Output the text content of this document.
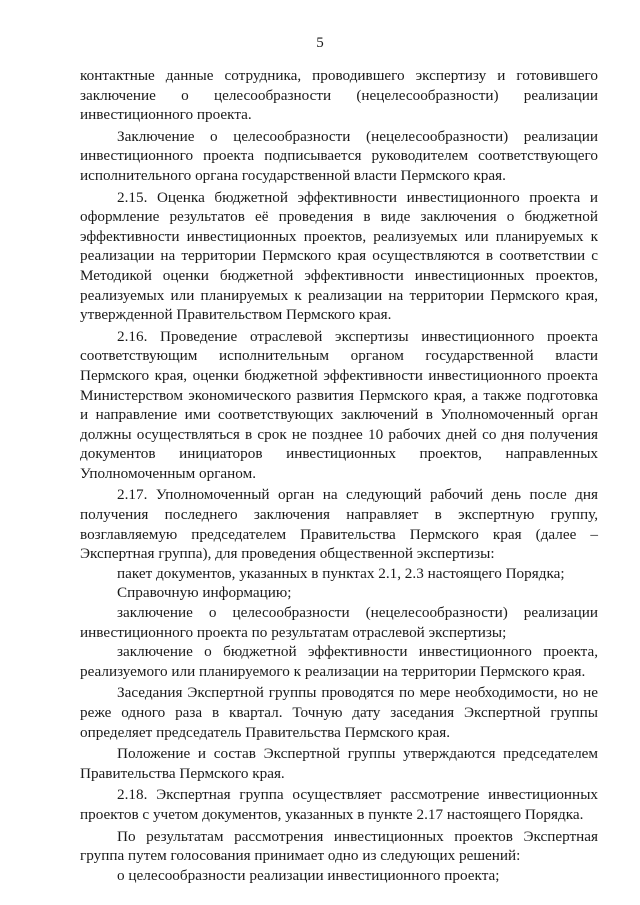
5

контактные данные сотрудника, проводившего экспертизу и готовившего заключение о целесообразности (нецелесообразности) реализации инвестиционного проекта.

Заключение о целесообразности (нецелесообразности) реализации инвестиционного проекта подписывается руководителем соответствующего исполнительного органа государственной власти Пермского края.

2.15. Оценка бюджетной эффективности инвестиционного проекта и оформление результатов её проведения в виде заключения о бюджетной эффективности инвестиционных проектов, реализуемых или планируемых к реализации на территории Пермского края осуществляются в соответствии с Методикой оценки бюджетной эффективности инвестиционных проектов, реализуемых или планируемых к реализации на территории Пермского края, утвержденной Правительством Пермского края.

2.16. Проведение отраслевой экспертизы инвестиционного проекта соответствующим исполнительным органом государственной власти Пермского края, оценки бюджетной эффективности инвестиционного проекта Министерством экономического развития Пермского края, а также подготовка и направление ими соответствующих заключений в Уполномоченный орган должны осуществляться в срок не позднее 10 рабочих дней со дня получения документов инициаторов инвестиционных проектов, направленных Уполномоченным органом.

2.17. Уполномоченный орган на следующий рабочий день после дня получения последнего заключения направляет в экспертную группу, возглавляемую председателем Правительства Пермского края (далее – Экспертная группа), для проведения общественной экспертизы:

пакет документов, указанных в пунктах 2.1, 2.3 настоящего Порядка;

Справочную информацию;

заключение о целесообразности (нецелесообразности) реализации инвестиционного проекта по результатам отраслевой экспертизы;

заключение о бюджетной эффективности инвестиционного проекта, реализуемого или планируемого к реализации на территории Пермского края.

Заседания Экспертной группы проводятся по мере необходимости, но не реже одного раза в квартал. Точную дату заседания Экспертной группы определяет председатель Правительства Пермского края.

Положение и состав Экспертной группы утверждаются председателем Правительства Пермского края.

2.18. Экспертная группа осуществляет рассмотрение инвестиционных проектов с учетом документов, указанных в пункте 2.17 настоящего Порядка.

По результатам рассмотрения инвестиционных проектов Экспертная группа путем голосования принимает одно из следующих решений:

о целесообразности реализации инвестиционного проекта;
